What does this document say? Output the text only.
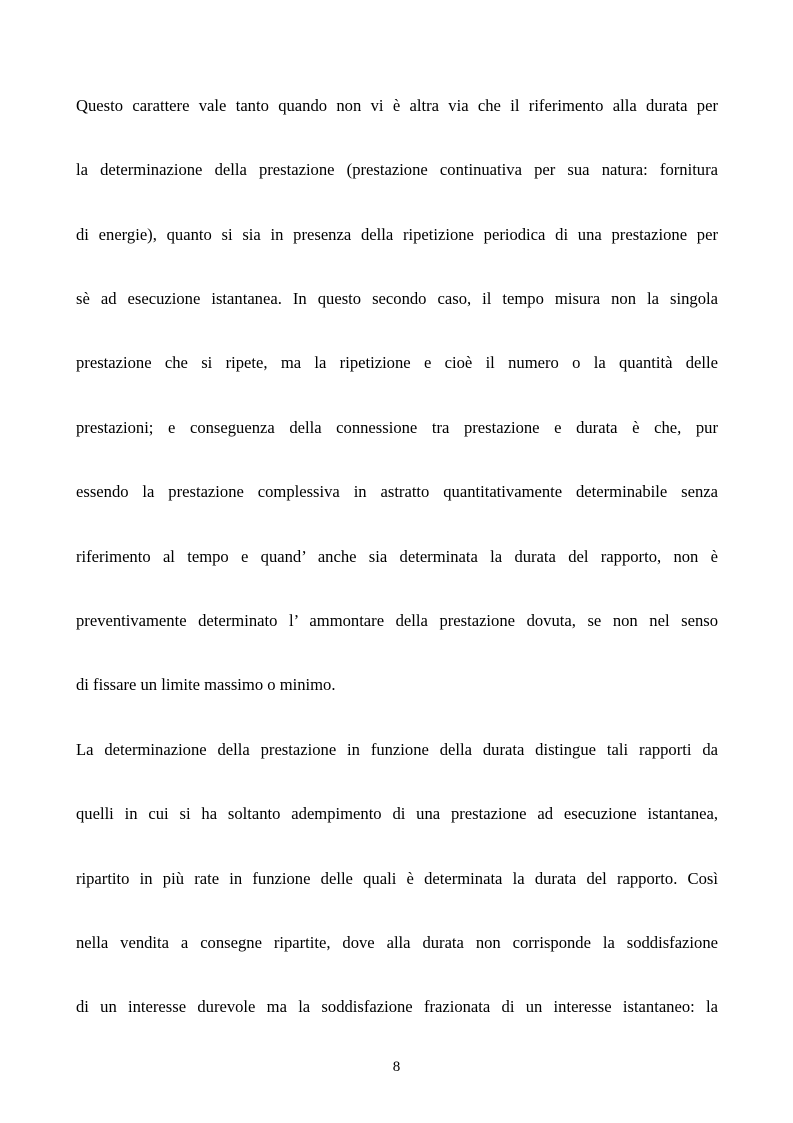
Questo carattere vale tanto quando non vi è altra via che il riferimento alla durata per
la determinazione della prestazione (prestazione continuativa per sua natura: fornitura
di energie), quanto si sia in presenza della ripetizione periodica di una prestazione per
sè ad esecuzione istantanea. In questo secondo caso, il tempo misura non la singola
prestazione che si ripete, ma la ripetizione e cioè il numero o la quantità delle
prestazioni; e conseguenza della connessione tra prestazione e durata è che, pur
essendo la prestazione complessiva in astratto quantitativamente determinabile senza
riferimento al tempo e quand’ anche sia determinata la durata del rapporto, non è
preventivamente determinato l’ ammontare della prestazione dovuta, se non nel senso
di fissare un limite massimo o minimo.
La determinazione della prestazione in funzione della durata distingue tali rapporti da
quelli in cui si ha soltanto adempimento di una prestazione ad esecuzione istantanea,
ripartito in più rate in funzione delle quali è determinata la durata del rapporto. Così
nella vendita a consegne ripartite, dove alla durata non corrisponde la soddisfazione
di un interesse durevole ma la soddisfazione frazionata di un interesse istantaneo: la
8
